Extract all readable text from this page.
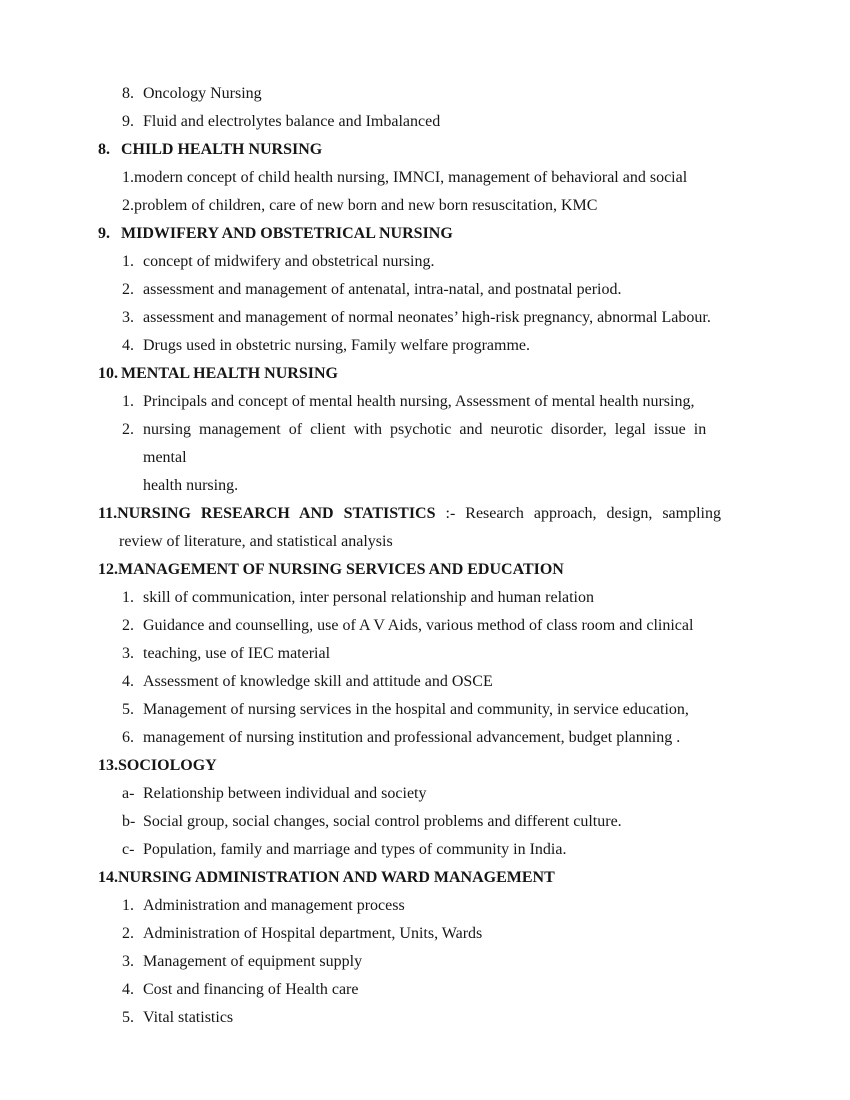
8. Oncology Nursing
9. Fluid and electrolytes balance and Imbalanced
8. CHILD HEALTH NURSING
1. modern concept of child health nursing, IMNCI, management of behavioral and social
2. problem of children, care of new born and new born resuscitation, KMC
9. MIDWIFERY AND OBSTETRICAL NURSING
1. concept of midwifery and obstetrical nursing.
2. assessment and management of antenatal, intra-natal, and postnatal period.
3. assessment and management of normal neonates’ high-risk pregnancy, abnormal Labour.
4. Drugs used in obstetric nursing, Family welfare programme.
10. MENTAL HEALTH NURSING
1. Principals and concept of mental health nursing, Assessment of mental health nursing,
2. nursing management of client with psychotic and neurotic disorder, legal issue in mental
health nursing.

11.NURSING RESEARCH AND STATISTICS :- Research approach, design, sampling
review of literature, and statistical analysis

12. MANAGEMENT OF NURSING SERVICES AND EDUCATION
1. skill of communication, inter personal relationship and human relation
2. Guidance and counselling, use of A V Aids, various method of class room and clinical
3. teaching, use of IEC material
4. Assessment of knowledge skill and attitude and OSCE
5. Management of nursing services in the hospital and community, in service education,
6. management of nursing institution and professional advancement, budget planning .
13. SOCIOLOGY
a- Relationship between individual and society
b- Social group, social changes, social control problems and different culture.
c- Population, family and marriage and types of community in India.
14. NURSING ADMINISTRATION AND WARD MANAGEMENT
1. Administration and management process
2. Administration of Hospital department, Units, Wards
3. Management of equipment supply
4. Cost and financing of Health care
5. Vital statistics
